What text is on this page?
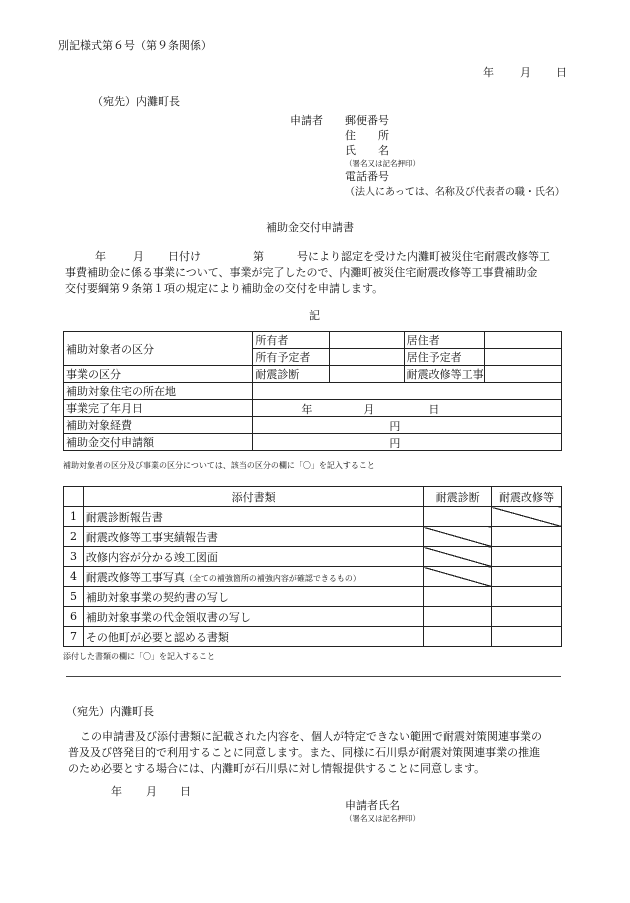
別記様式第６号（第９条関係）
年 月 日
（宛先）内灘町長
申請者 郵便番号
住　　所
氏　　名
（署名又は記名押印）
電話番号
（法人にあっては、名称及び代表者の職・氏名）
補助金交付申請書
年 月 日付け	第	号により認定を受けた内灘町被災住宅耐震改修等工
事費補助金に係る事業について、事業が完了したので、内灘町被災住宅耐震改修等工事費補助金
交付要綱第９条第１項の規定により補助金の交付を申請します。
記
補助対象者の区分	所有者		居住者	
	所有予定者		居住予定者	
事業の区分	耐震診断		耐震改修等工事	
補助対象住宅の所在地				
事業完了年月日	年 月 日			

補助対象経費	円			

補助金交付申請額	円			
補助対象者の区分及び事業の区分については、該当の区分の欄に「〇」を記入すること
	添付書類	耐震診断	耐震改修等
1	耐震診断報告書		
2	耐震改修等工事実績報告書		
3	改修内容が分かる竣工図面		
4	耐震改修等工事写真（全ての補強箇所の補強内容が確認できるもの）		
5	補助対象事業の契約書の写し		
6	補助対象事業の代金領収書の写し		
7	その他町が必要と認める書類		
添付した書類の欄に「〇」を記入すること
（宛先）内灘町長
この申請書及び添付書類に記載された内容を、個人が特定できない範囲で耐震対策関連事業の
普及及び啓発目的で利用することに同意します。また、同様に石川県が耐震対策関連事業の推進
のため必要とする場合には、内灘町が石川県に対し情報提供することに同意します。
年 月 日
申請者氏名
（署名又は記名押印）
